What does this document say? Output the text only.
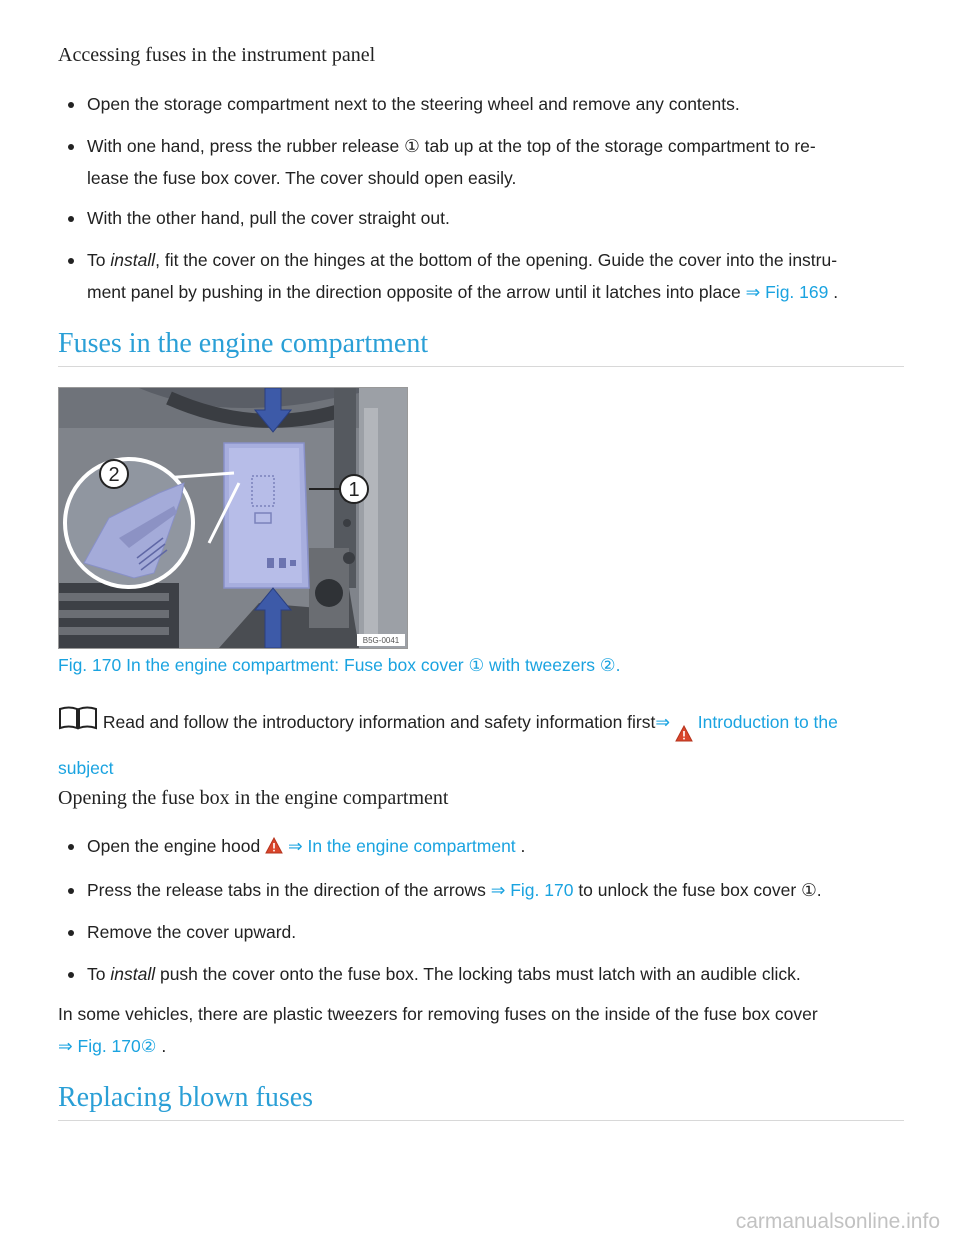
Accessing fuses in the instrument panel
Open the storage compartment next to the steering wheel and remove any contents.
With one hand, press the rubber release ① tab up at the top of the storage compartment to re-
lease the fuse box cover. The cover should open easily.
With the other hand, pull the cover straight out.
To install, fit the cover on the hinges at the bottom of the opening. Guide the cover into the instru-
ment panel by pushing in the direction opposite of the arrow until it latches into place ⇒ Fig. 169 .
Fuses in the engine compartment
1
2
B5G-0041
Fig. 170 In the engine compartment: Fuse box cover ① with tweezers ②.
Read and follow the introductory information and safety information first⇒  Introduction to the
subject
Opening the fuse box in the engine compartment
Open the engine hood  ⇒ In the engine compartment .
Press the release tabs in the direction of the arrows ⇒ Fig. 170 to unlock the fuse box cover ①.
Remove the cover upward.
To install push the cover onto the fuse box. The locking tabs must latch with an audible click.
In some vehicles, there are plastic tweezers for removing fuses on the inside of the fuse box cover
⇒ Fig. 170② .
Replacing blown fuses
carmanualsonline.info
